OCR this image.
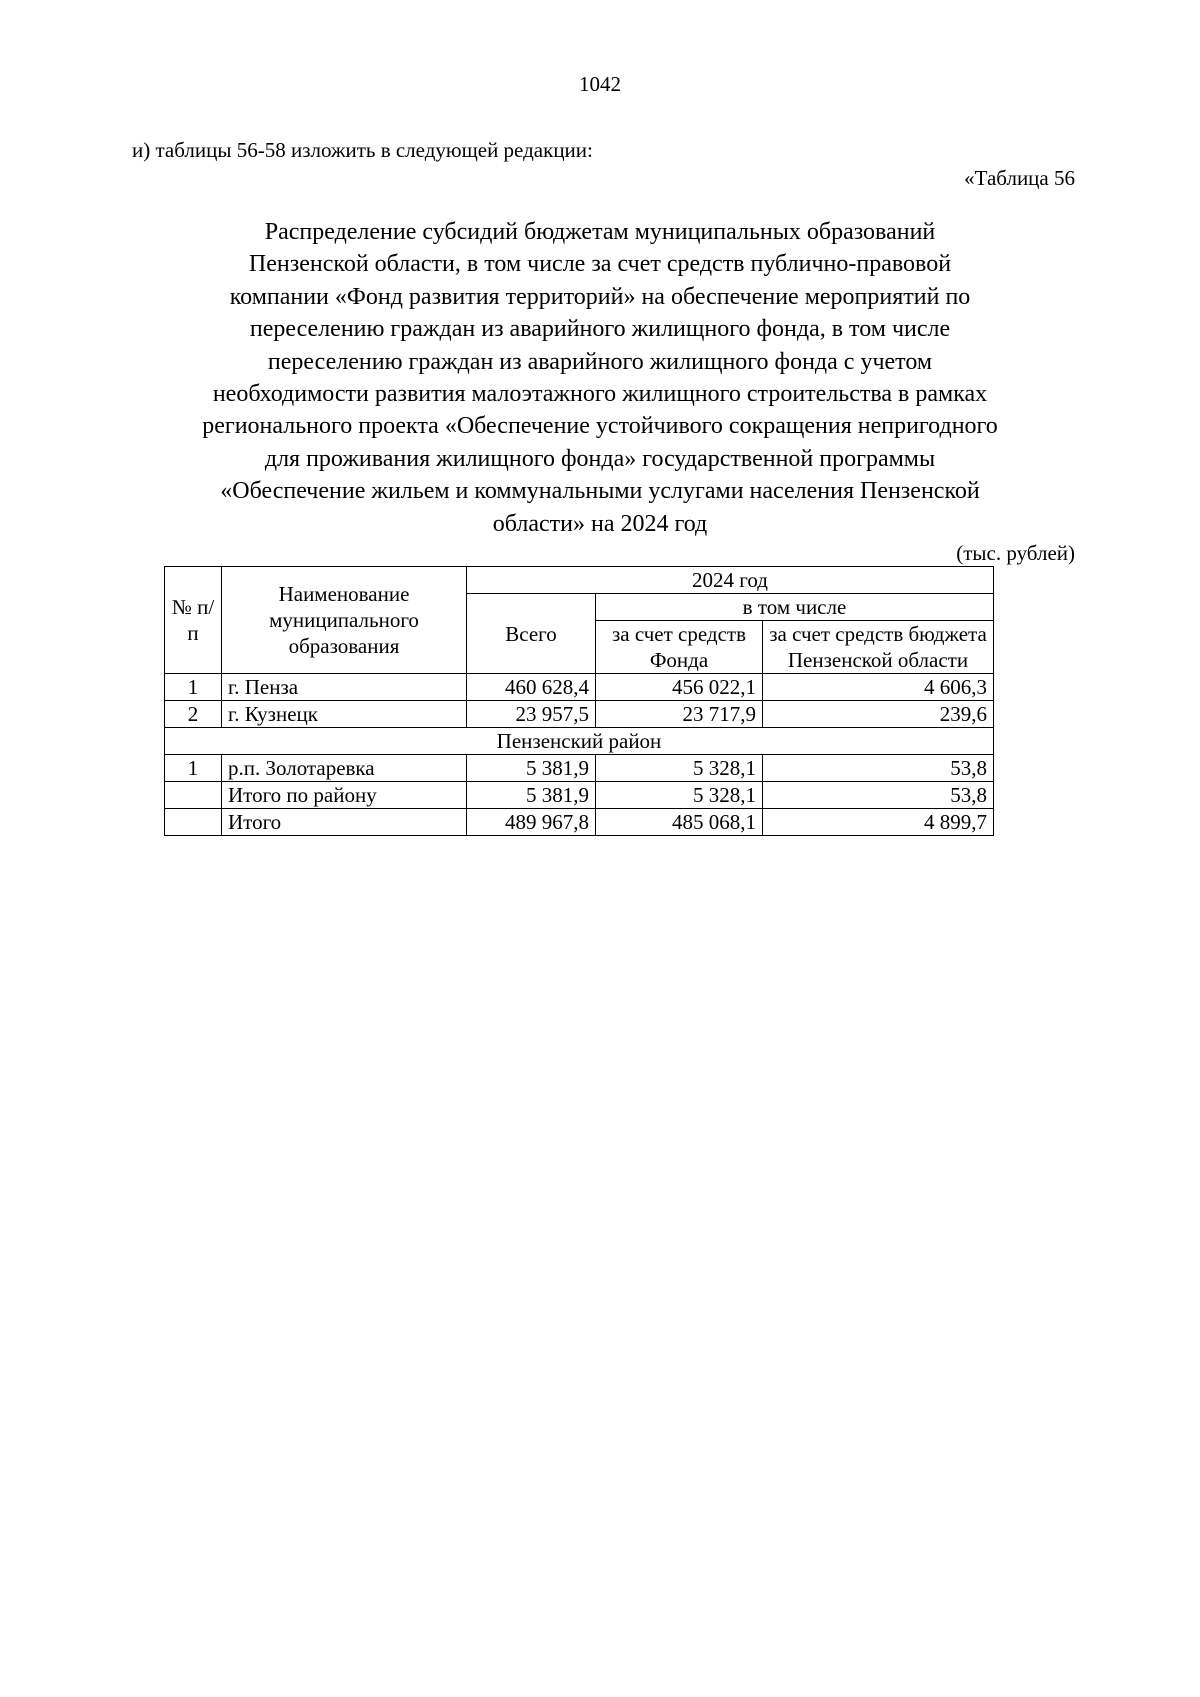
1042
и) таблицы 56-58 изложить в следующей редакции:
«Таблица 56
Распределение субсидий бюджетам муниципальных образований
Пензенской области, в том числе за счет средств публично-правовой
компании «Фонд развития территорий» на обеспечение мероприятий по
переселению граждан из аварийного жилищного фонда, в том числе
переселению граждан из аварийного жилищного фонда с учетом
необходимости развития малоэтажного жилищного строительства в рамках
регионального проекта «Обеспечение устойчивого сокращения непригодного
для проживания жилищного фонда» государственной программы
«Обеспечение жильем и коммунальными услугами населения Пензенской
области» на 2024 год
(тыс. рублей)
№ п/п	Наименование муниципального образования	2024 год		
		Всего	в том числе	
			за счет средств Фонда	за счет средств бюджета Пензенской области
1	г. Пенза	460 628,4	456 022,1	4 606,3
2	г. Кузнецк	23 957,5	23 717,9	239,6
Пензенский район				
1	р.п. Золотаревка	5 381,9	5 328,1	53,8
	Итого по району	5 381,9	5 328,1	53,8
	Итого	489 967,8	485 068,1	4 899,7
